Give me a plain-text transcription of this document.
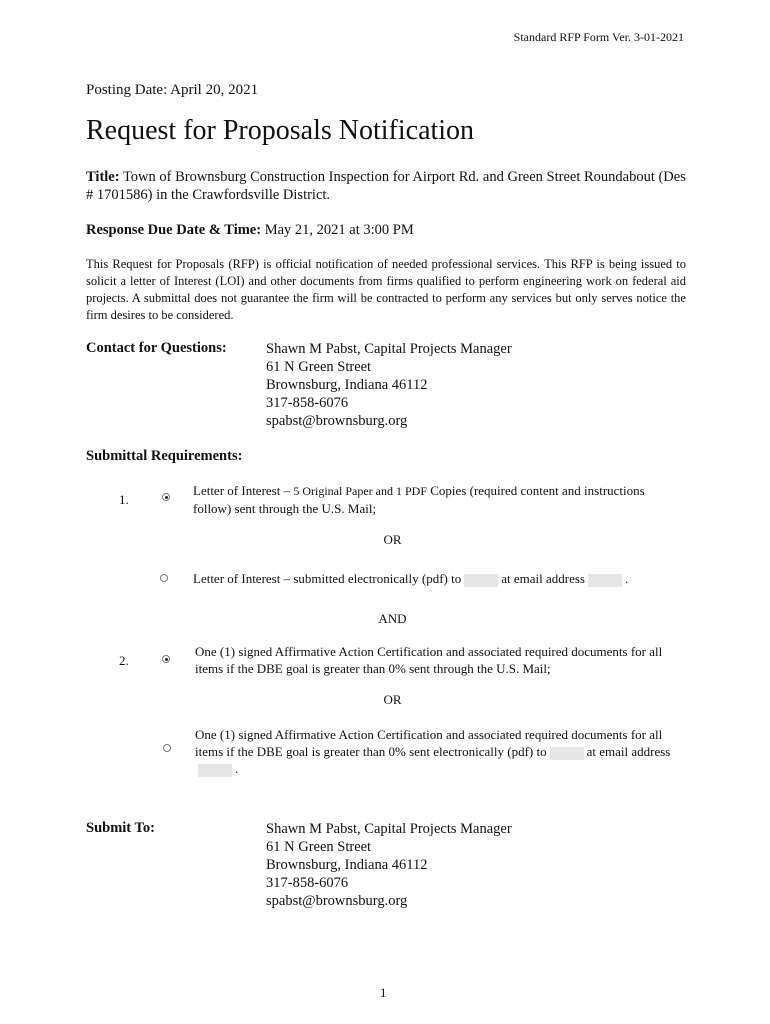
Standard RFP Form Ver. 3-01-2021
Posting Date: April 20, 2021
Request for Proposals Notification
Title: Town of Brownsburg Construction Inspection for Airport Rd. and Green Street Roundabout (Des # 1701586) in the Crawfordsville District.
Response Due Date & Time: May 21, 2021 at 3:00 PM
This Request for Proposals (RFP) is official notification of needed professional services. This RFP is being issued to solicit a letter of Interest (LOI) and other documents from firms qualified to perform engineering work on federal aid projects. A submittal does not guarantee the firm will be contracted to perform any services but only serves notice the firm desires to be considered.
Contact for Questions:	Shawn M Pabst, Capital Projects Manager
61 N Green Street
Brownsburg, Indiana 46112
317-858-6076
spabst@brownsburg.org
Submittal Requirements:
1.
Letter of Interest – 5 Original Paper and 1 PDF Copies (required content and instructions follow) sent through the U.S. Mail;
OR
Letter of Interest – submitted electronically (pdf) to	at email address	.
AND
2.
One (1) signed Affirmative Action Certification and associated required documents for all items if the DBE goal is greater than 0% sent through the U.S. Mail;
OR
One (1) signed Affirmative Action Certification and associated required documents for all items if the DBE goal is greater than 0% sent electronically (pdf) to	at email address.
Submit To:	Shawn M Pabst, Capital Projects Manager
61 N Green Street
Brownsburg, Indiana 46112
317-858-6076
spabst@brownsburg.org
1
